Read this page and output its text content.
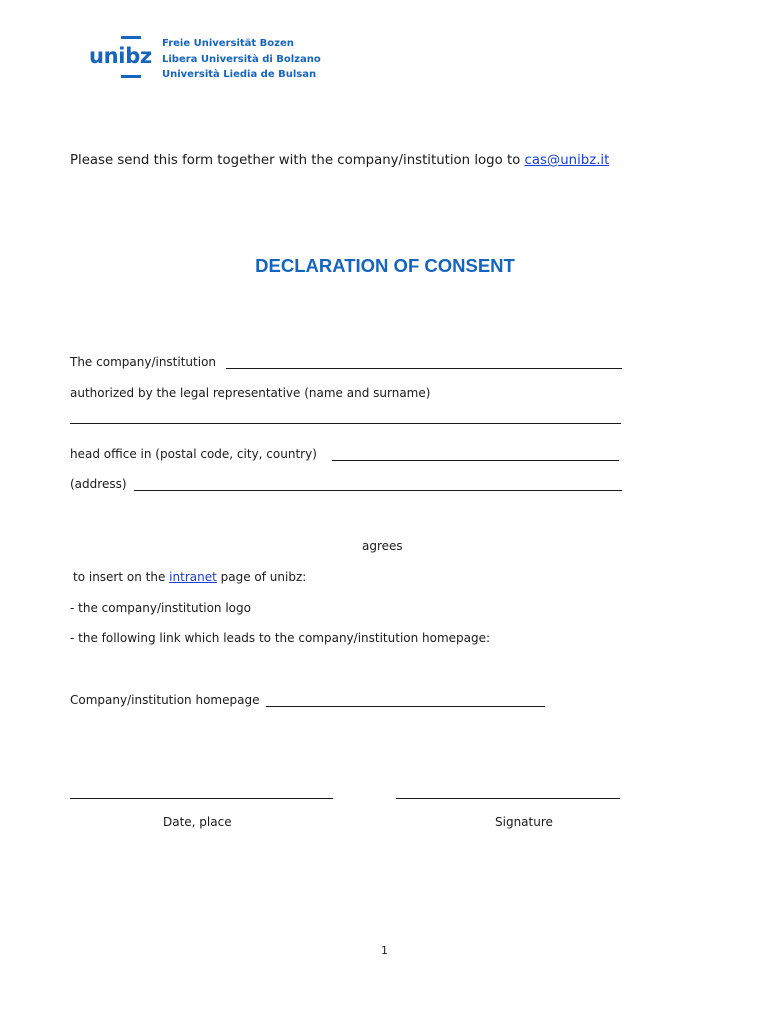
unibz
Freie Universität Bozen
Libera Università di Bolzano
Università Liedia de Bulsan
Please send this form together with the company/institution logo to cas@unibz.it
DECLARATION OF CONSENT
The company/institution
authorized by the legal representative (name and surname)
head office in (postal code, city, country)
(address)
agrees
to insert on the intranet page of unibz:
- the company/institution logo
- the following link which leads to the company/institution homepage:
Company/institution homepage
Date, place	Signature
1
